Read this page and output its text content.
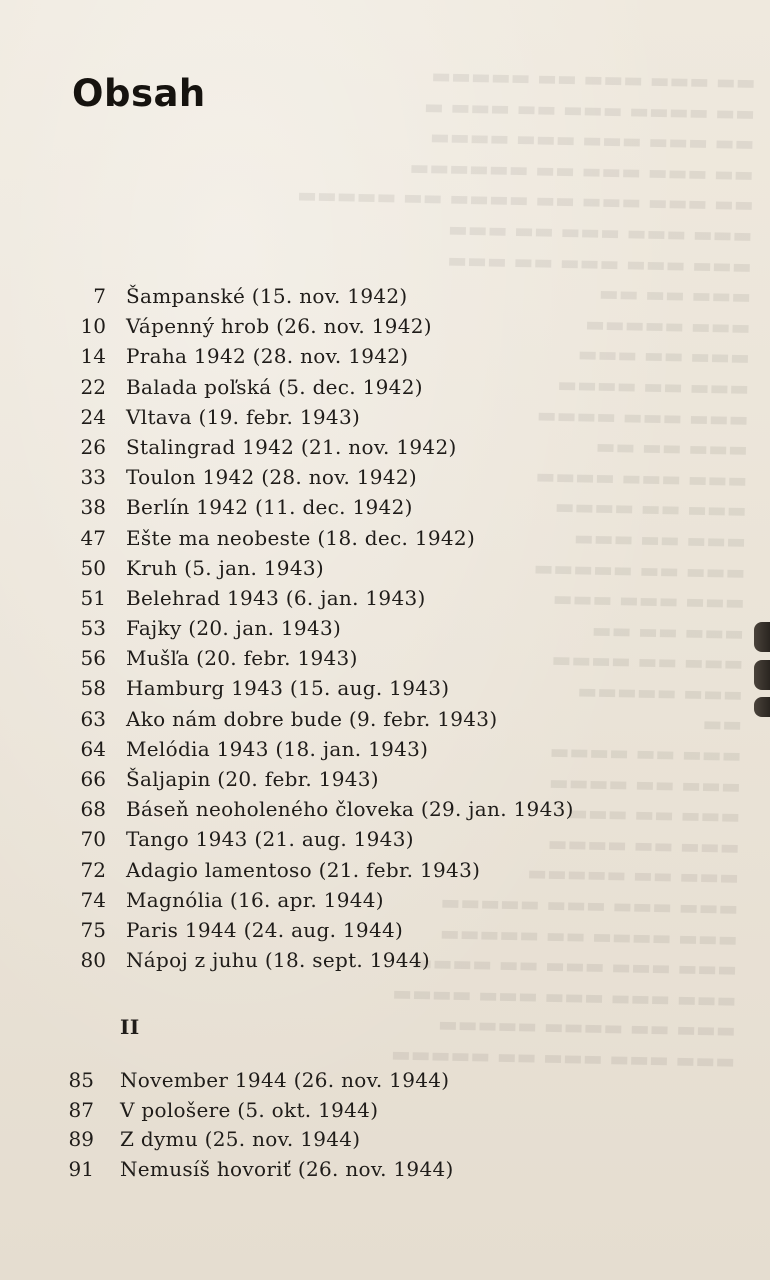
▬▬▬▬▬ ▬▬ ▬▬▬ ▬▬▬ ▬▬
▬ ▬▬▬ ▬▬ ▬▬▬ ▬▬▬▬ ▬▬
▬▬▬▬ ▬▬▬ ▬▬▬ ▬▬▬ ▬▬
▬▬▬▬▬▬ ▬▬ ▬▬▬ ▬▬▬ ▬▬
▬▬▬▬▬ ▬▬ ▬▬▬▬ ▬▬ ▬▬▬ ▬▬▬ ▬▬
▬▬▬ ▬▬ ▬▬▬ ▬▬▬ ▬▬▬
▬▬▬ ▬▬ ▬▬▬ ▬▬▬ ▬▬▬
▬▬ ▬▬ ▬▬▬
▬▬▬▬▬ ▬▬▬
▬▬▬ ▬▬ ▬▬▬
▬▬▬▬ ▬▬ ▬▬▬
▬▬▬▬ ▬▬▬ ▬▬▬
▬▬ ▬▬ ▬▬▬
▬▬▬▬ ▬▬▬ ▬▬▬
▬▬▬▬ ▬▬ ▬▬▬
▬▬▬ ▬▬ ▬▬▬
▬▬▬▬▬ ▬▬ ▬▬▬
▬▬▬ ▬▬▬ ▬▬▬
▬▬ ▬▬ ▬▬▬
▬▬▬▬ ▬▬ ▬▬▬
▬▬▬▬▬ ▬▬▬
▬▬
▬▬▬▬ ▬▬ ▬▬▬
▬▬▬▬ ▬▬ ▬▬▬
▬▬▬ ▬▬ ▬▬▬
▬▬▬▬ ▬▬ ▬▬▬
▬▬▬▬▬ ▬▬ ▬▬▬
▬▬▬▬▬ ▬▬▬ ▬▬▬ ▬▬▬
▬▬▬▬▬ ▬▬ ▬▬▬▬ ▬▬▬
▬▬▬▬ ▬▬ ▬▬▬ ▬▬▬ ▬▬▬
▬▬▬▬ ▬▬▬ ▬▬▬ ▬▬▬ ▬▬▬
▬▬▬▬▬ ▬▬▬▬ ▬▬ ▬▬▬
▬▬▬▬▬ ▬▬ ▬▬▬ ▬▬▬ ▬▬▬
Obsah
7 Šampanské (15. nov. 1942)
10 Vápenný hrob (26. nov. 1942)
14 Praha 1942 (28. nov. 1942)
22 Balada poľská (5. dec. 1942)
24 Vltava (19. febr. 1943)
26 Stalingrad 1942 (21. nov. 1942)
33 Toulon 1942 (28. nov. 1942)
38 Berlín 1942 (11. dec. 1942)
47 Ešte ma neobeste (18. dec. 1942)
50 Kruh (5. jan. 1943)
51 Belehrad 1943 (6. jan. 1943)
53 Fajky (20. jan. 1943)
56 Mušľa (20. febr. 1943)
58 Hamburg 1943 (15. aug. 1943)
63 Ako nám dobre bude (9. febr. 1943)
64 Melódia 1943 (18. jan. 1943)
66 Šaljapin (20. febr. 1943)
68 Báseň neoholeného človeka (29. jan. 1943)
70 Tango 1943 (21. aug. 1943)
72 Adagio lamentoso (21. febr. 1943)
74 Magnólia (16. apr. 1944)
75 Paris 1944 (24. aug. 1944)
80 Nápoj z juhu (18. sept. 1944)
II
85 November 1944 (26. nov. 1944)
87 V pološere (5. okt. 1944)
89 Z dymu (25. nov. 1944)
91 Nemusíš hovoriť (26. nov. 1944)
